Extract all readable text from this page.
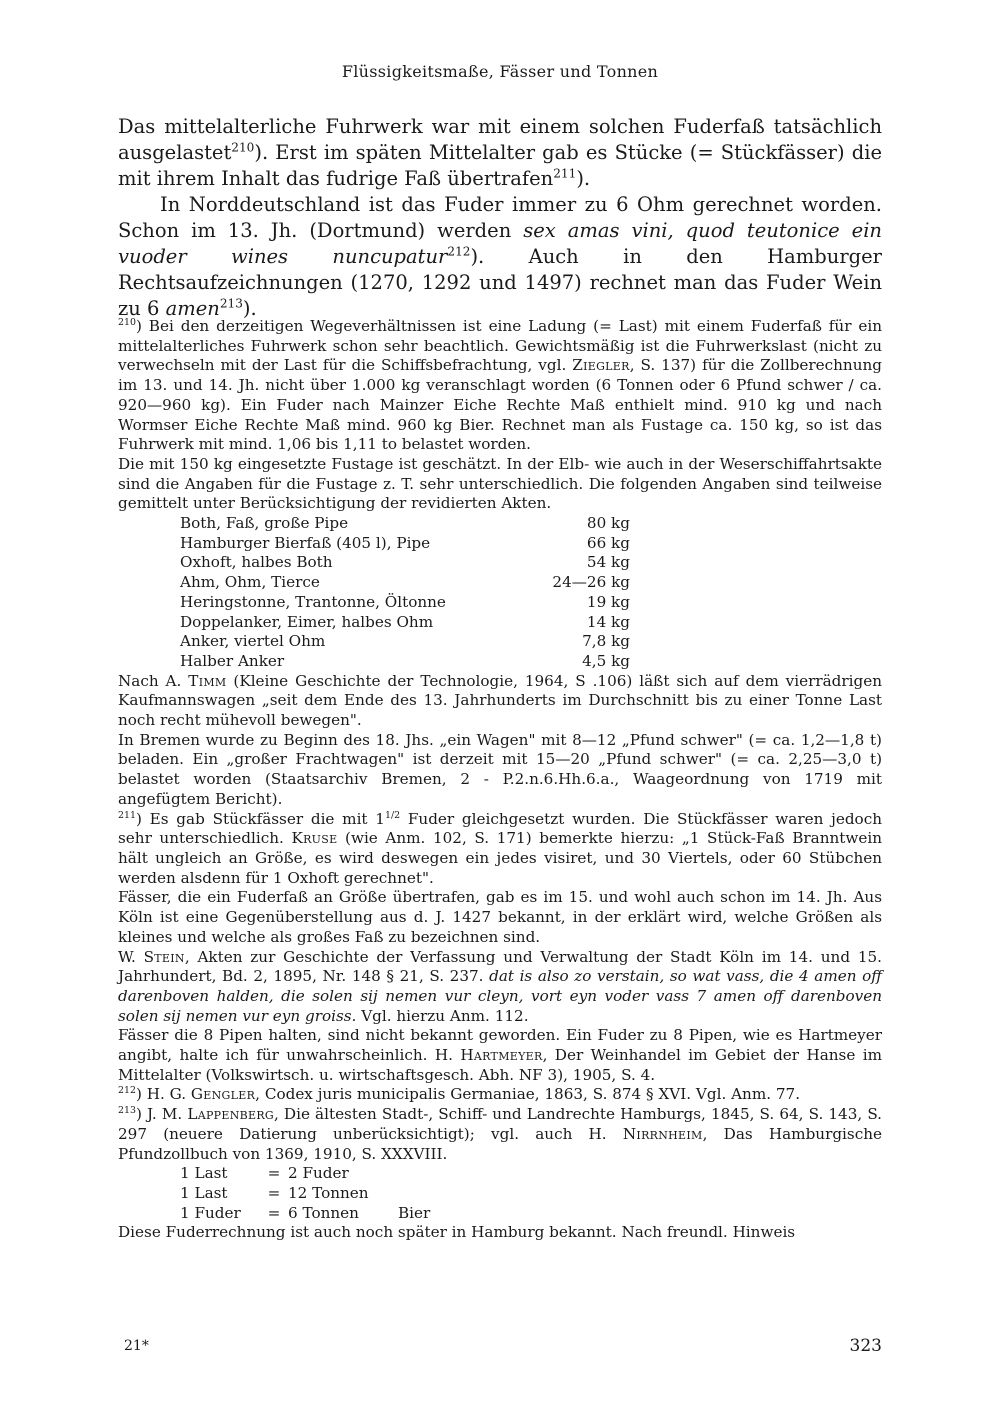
Flüssigkeitsmaße, Fässer und Tonnen

Das mittelalterliche Fuhrwerk war mit einem solchen Fuderfaß tatsächlich ausgelastet$^{210}$). Erst im späten Mittelalter gab es Stücke (= Stückfässer) die mit ihrem Inhalt das fudrige Faß übertrafen$^{211}$).

In Norddeutschland ist das Fuder immer zu 6 Ohm gerechnet worden. Schon im 13. Jh. (Dortmund) werden sex amas vini, quod teutonice ein vuoder wines nuncupatur$^{212}$). Auch in den Hamburger Rechtsaufzeichnungen (1270, 1292 und 1497) rechnet man das Fuder Wein zu 6 amen$^{213}$).

$^{210}$) Bei den derzeitigen Wegeverhältnissen ist eine Ladung (= Last) mit einem Fuderfaß für ein mittelalterliches Fuhrwerk schon sehr beachtlich. Gewichtsmäßig ist die Fuhrwerkslast (nicht zu verwechseln mit der Last für die Schiffsbefrachtung, vgl. Ziegler, S. 137) für die Zollberechnung im 13. und 14. Jh. nicht über 1.000 kg veranschlagt worden (6 Tonnen oder 6 Pfund schwer / ca. 920—960 kg). Ein Fuder nach Mainzer Eiche Rechte Maß enthielt mind. 910 kg und nach Wormser Eiche Rechte Maß mind. 960 kg Bier. Rechnet man als Fustage ca. 150 kg, so ist das Fuhrwerk mit mind. 1,06 bis 1,11 to belastet worden.

Die mit 150 kg eingesetzte Fustage ist geschätzt. In der Elb- wie auch in der Weserschiffahrtsakte sind die Angaben für die Fustage z. T. sehr unterschiedlich. Die folgenden Angaben sind teilweise gemittelt unter Berücksichtigung der revidierten Akten.

Both, Faß, große Pipe	80 kg
Hamburger Bierfaß (405 l), Pipe	66 kg
Oxhoft, halbes Both	54 kg
Ahm, Ohm, Tierce	24—26 kg
Heringstonne, Trantonne, Öltonne	19 kg
Doppelanker, Eimer, halbes Ohm	14 kg
Anker, viertel Ohm	7,8 kg
Halber Anker	4,5 kg

Nach A. Timm (Kleine Geschichte der Technologie, 1964, S .106) läßt sich auf dem vierrädrigen Kaufmannswagen „seit dem Ende des 13. Jahrhunderts im Durchschnitt bis zu einer Tonne Last noch recht mühevoll bewegen".

In Bremen wurde zu Beginn des 18. Jhs. „ein Wagen" mit 8—12 „Pfund schwer" (= ca. 1,2—1,8 t) beladen. Ein „großer Frachtwagen" ist derzeit mit 15—20 „Pfund schwer" (= ca. 2,25—3,0 t) belastet worden (Staatsarchiv Bremen, 2 - P.2.n.6.Hh.6.a., Waageordnung von 1719 mit angefügtem Bericht).

$^{211}$) Es gab Stückfässer die mit $1^{1/2}$ Fuder gleichgesetzt wurden. Die Stückfässer waren jedoch sehr unterschiedlich. Kruse (wie Anm. 102, S. 171) bemerkte hierzu: „1 Stück-Faß Branntwein hält ungleich an Größe, es wird deswegen ein jedes visiret, und 30 Viertels, oder 60 Stübchen werden alsdenn für 1 Oxhoft gerechnet".

Fässer, die ein Fuderfaß an Größe übertrafen, gab es im 15. und wohl auch schon im 14. Jh. Aus Köln ist eine Gegenüberstellung aus d. J. 1427 bekannt, in der erklärt wird, welche Größen als kleines und welche als großes Faß zu bezeichnen sind.

W. Stein, Akten zur Geschichte der Verfassung und Verwaltung der Stadt Köln im 14. und 15. Jahrhundert, Bd. 2, 1895, Nr. 148 § 21, S. 237. dat is also zo verstain, so wat vass, die 4 amen off darenboven halden, die solen sij nemen vur cleyn, vort eyn voder vass 7 amen off darenboven solen sij nemen vur eyn groiss. Vgl. hierzu Anm. 112.

Fässer die 8 Pipen halten, sind nicht bekannt geworden. Ein Fuder zu 8 Pipen, wie es Hartmeyer angibt, halte ich für unwahrscheinlich. H. Hartmeyer, Der Weinhandel im Gebiet der Hanse im Mittelalter (Volkswirtsch. u. wirtschaftsgesch. Abh. NF 3), 1905, S. 4.

$^{212}$) H. G. Gengler, Codex juris municipalis Germaniae, 1863, S. 874 § XVI. Vgl. Anm. 77.

$^{213}$) J. M. Lappenberg, Die ältesten Stadt-, Schiff- und Landrechte Hamburgs, 1845, S. 64, S. 143, S. 297 (neuere Datierung unberücksichtigt); vgl. auch H. Nirrnheim, Das Hamburgische Pfundzollbuch von 1369, 1910, S. XXXVIII.

1 Last	=	2 Fuder	
1 Last	=	12 Tonnen	
1 Fuder	=	6 Tonnen	Bier

Diese Fuderrechnung ist auch noch später in Hamburg bekannt. Nach freundl. Hinweis

21*	323
